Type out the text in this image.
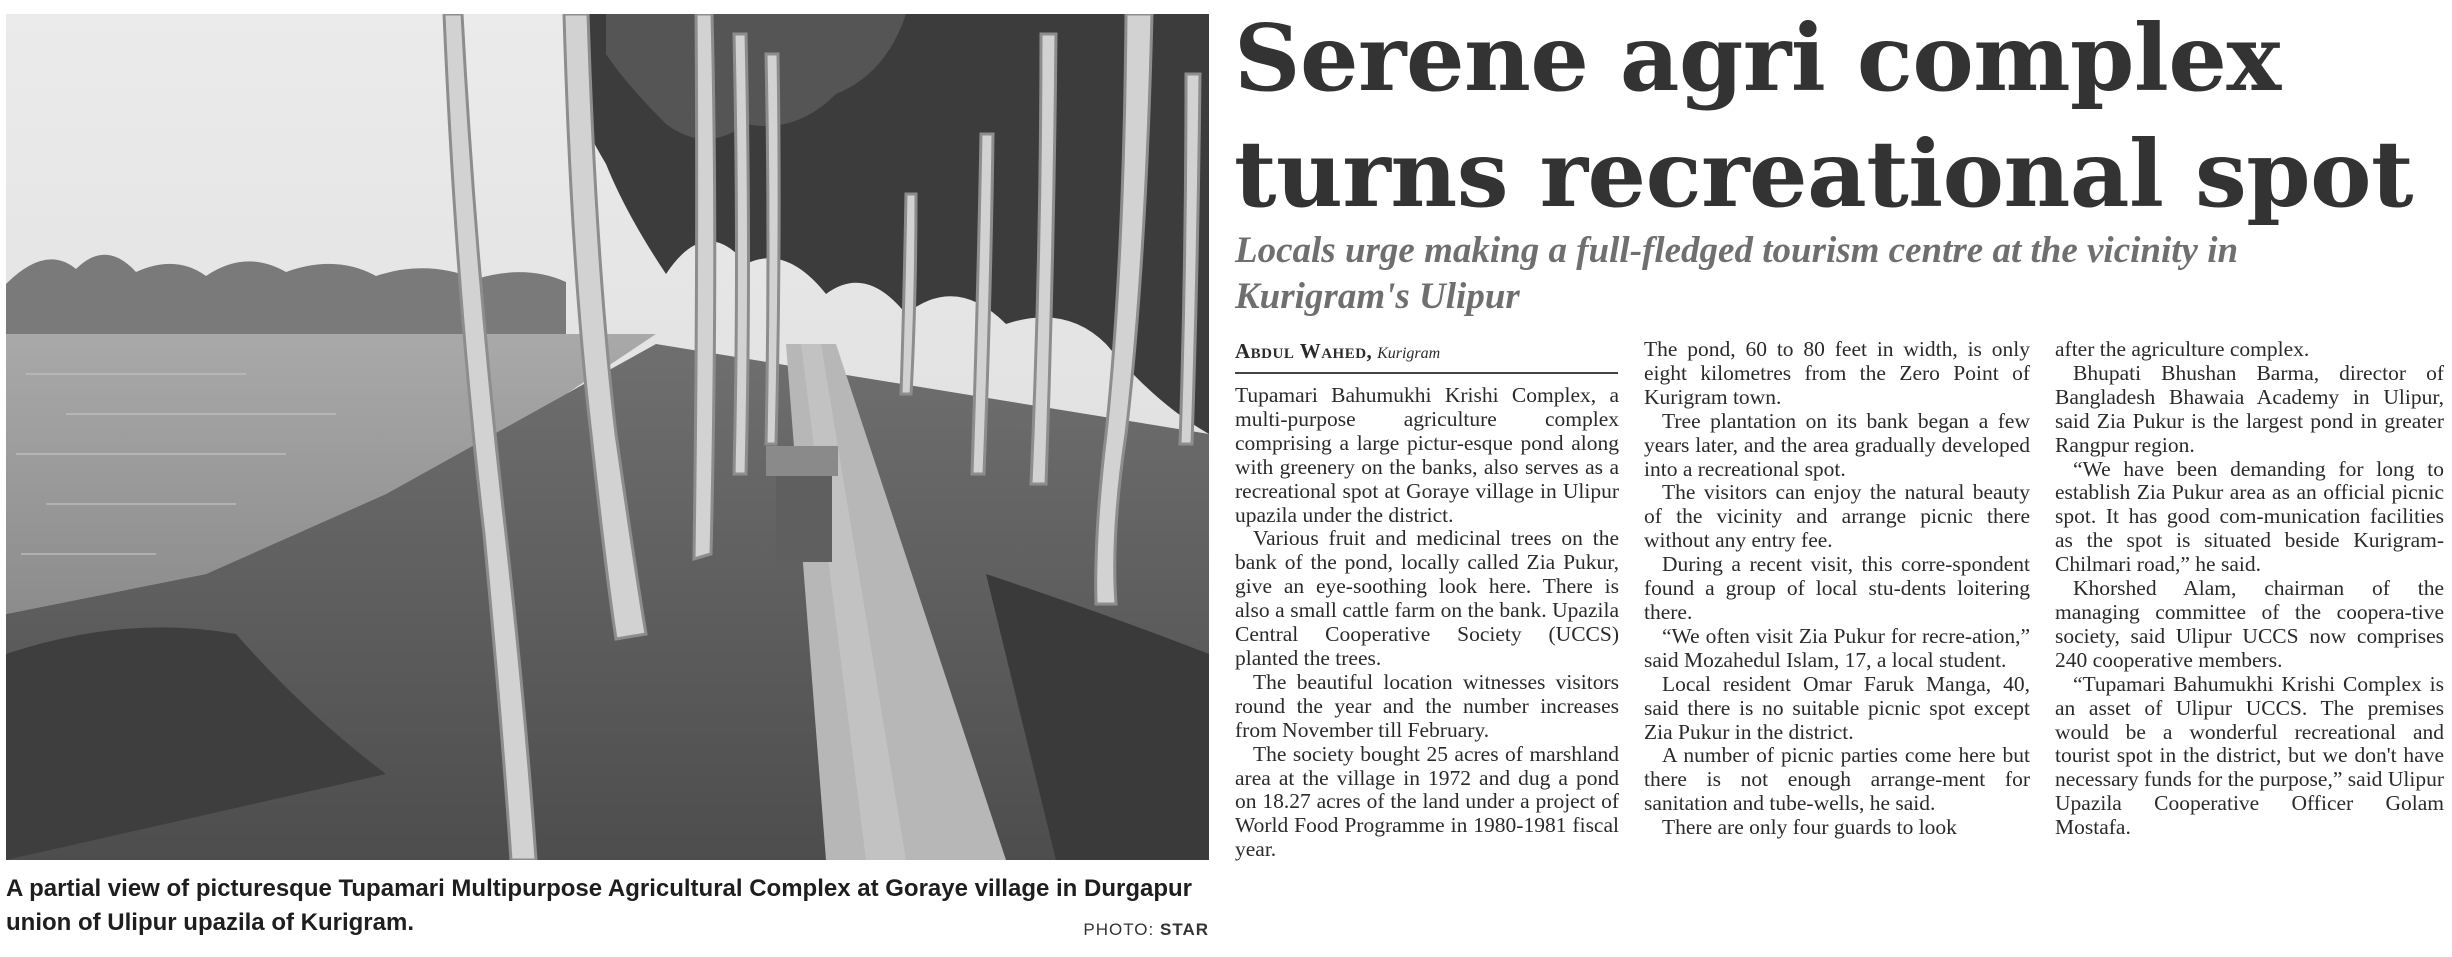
A partial view of picturesque Tupamari Multipurpose Agricultural Complex at Goraye village in Durgapur union of Ulipur upazila of Kurigram.	PHOTO: STAR
Serene agri complex turns recreational spot
Locals urge making a full-fledged tourism centre at the vicinity in Kurigram's Ulipur
Abdul Wahed, Kurigram

Tupamari Bahumukhi Krishi Complex, a multi-purpose agriculture complex comprising a large pictur-esque pond along with greenery on the banks, also serves as a recreational spot at Goraye village in Ulipur upazila under the district.

Various fruit and medicinal trees on the bank of the pond, locally called Zia Pukur, give an eye-soothing look here. There is also a small cattle farm on the bank. Upazila Central Cooperative Society (UCCS) planted the trees.

The beautiful location witnesses visitors round the year and the number increases from November till February.

The society bought 25 acres of marshland area at the village in 1972 and dug a pond on 18.27 acres of the land under a project of World Food Programme in 1980-1981 fiscal year.

The pond, 60 to 80 feet in width, is only eight kilometres from the Zero Point of Kurigram town.

Tree plantation on its bank began a few years later, and the area gradually developed into a recreational spot.

The visitors can enjoy the natural beauty of the vicinity and arrange picnic there without any entry fee.

During a recent visit, this corre-spondent found a group of local stu-dents loitering there.

“We often visit Zia Pukur for recre-ation,” said Mozahedul Islam, 17, a local student.

Local resident Omar Faruk Manga, 40, said there is no suitable picnic spot except Zia Pukur in the district.

A number of picnic parties come here but there is not enough arrange-ment for sanitation and tube-wells, he said.

There are only four guards to look

after the agriculture complex.

Bhupati Bhushan Barma, director of Bangladesh Bhawaia Academy in Ulipur, said Zia Pukur is the largest pond in greater Rangpur region.

“We have been demanding for long to establish Zia Pukur area as an official picnic spot. It has good com-munication facilities as the spot is situated beside Kurigram-Chilmari road,” he said.

Khorshed Alam, chairman of the managing committee of the coopera-tive society, said Ulipur UCCS now comprises 240 cooperative members.

“Tupamari Bahumukhi Krishi Complex is an asset of Ulipur UCCS. The premises would be a wonderful recreational and tourist spot in the district, but we don't have necessary funds for the purpose,” said Ulipur Upazila Cooperative Officer Golam Mostafa.
